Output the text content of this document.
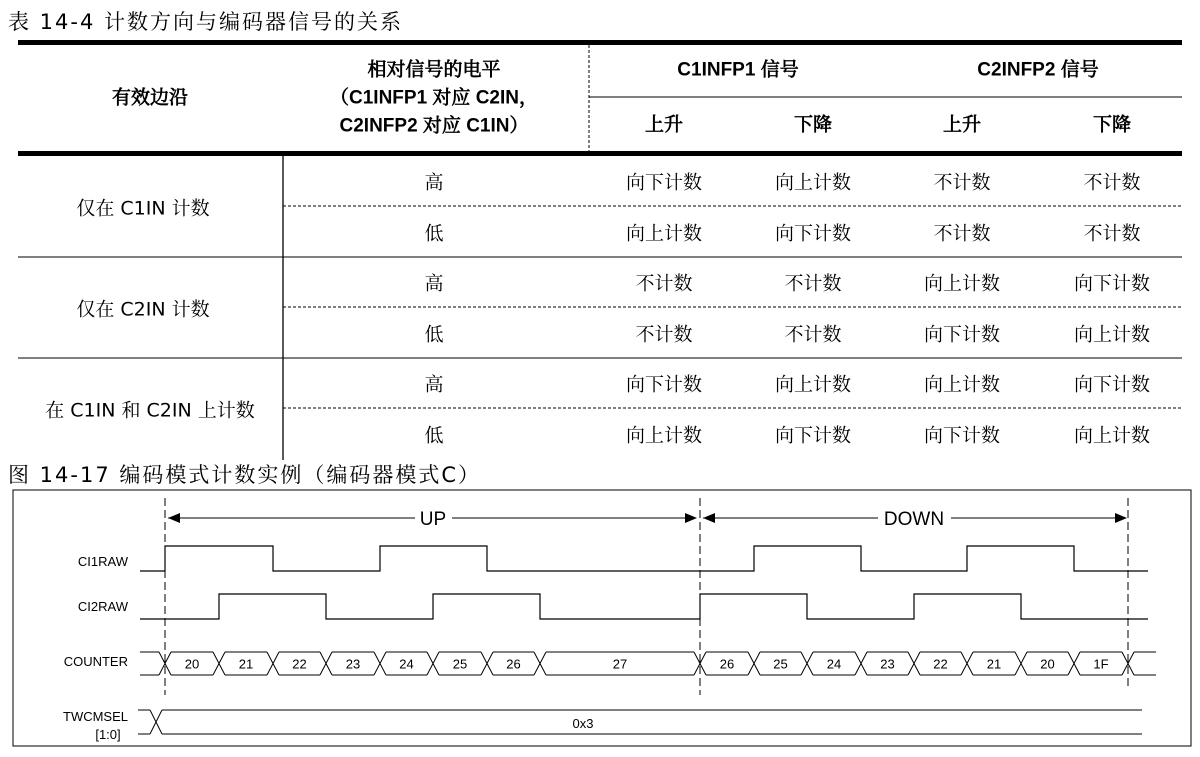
表 14-4 计数方向与编码器信号的关系
有效边沿
相对信号的电平
（C1INFP1 对应 C2IN，
C2INFP2 对应 C1IN）
C1INFP1 信号	C2INFP2 信号
上升	下降	上升	下降
仅在 C1IN 计数
高	向下计数	向上计数	不计数	不计数
低	向上计数	向下计数	不计数	不计数
仅在 C2IN 计数
高	不计数	不计数	向上计数	向下计数
低	不计数	不计数	向下计数	向上计数
在 C1IN 和 C2IN 上计数
高	向下计数	向上计数	向上计数	向下计数
低	向上计数	向下计数	向下计数	向上计数
图 14-17 编码模式计数实例（编码器模式C）
UP	DOWN
CI1RAW
CI2RAW
COUNTER
TWCMSEL
[1:0]
20	21	22	23	24	25	26	27	26	25	24	23	22	21	20	1F
0x3
